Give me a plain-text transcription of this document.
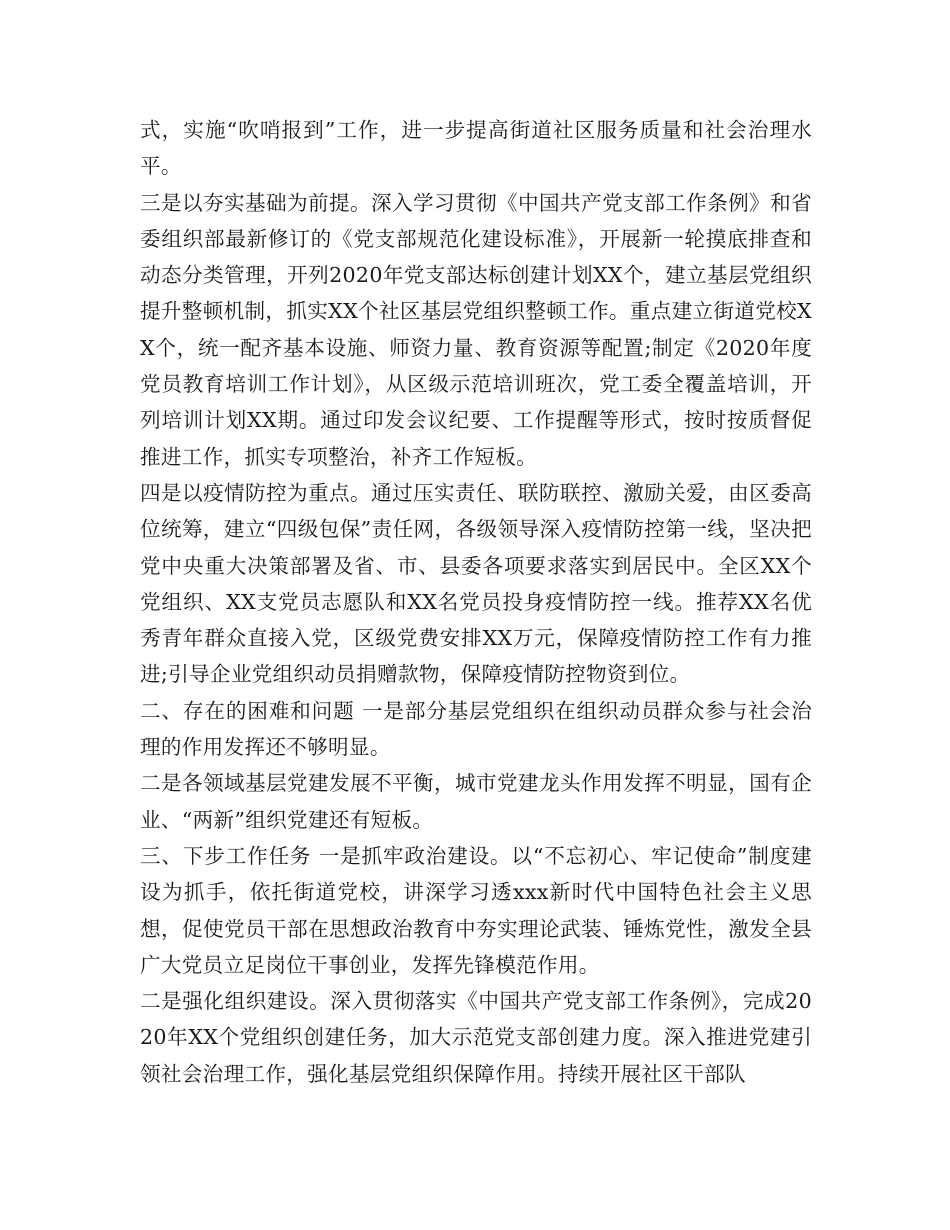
式，实施“吹哨报到”工作，进一步提高街道社区服务质量和社会治理水平。

三是以夯实基础为前提。深入学习贯彻《中国共产党支部工作条例》和省委组织部最新修订的《党支部规范化建设标准》，开展新一轮摸底排查和动态分类管理，开列2020年党支部达标创建计划XX个，建立基层党组织提升整顿机制，抓实XX个社区基层党组织整顿工作。重点建立街道党校XX个，统一配齐基本设施、师资力量、教育资源等配置;制定《2020年度党员教育培训工作计划》，从区级示范培训班次，党工委全覆盖培训，开列培训计划XX期。通过印发会议纪要、工作提醒等形式，按时按质督促推进工作，抓实专项整治，补齐工作短板。

四是以疫情防控为重点。通过压实责任、联防联控、激励关爱，由区委高位统筹，建立“四级包保”责任网，各级领导深入疫情防控第一线，坚决把党中央重大决策部署及省、市、县委各项要求落实到居民中。全区XX个党组织、XX支党员志愿队和XX名党员投身疫情防控一线。推荐XX名优秀青年群众直接入党，区级党费安排XX万元，保障疫情防控工作有力推进;引导企业党组织动员捐赠款物，保障疫情防控物资到位。

二、存在的困难和问题 一是部分基层党组织在组织动员群众参与社会治理的作用发挥还不够明显。

二是各领域基层党建发展不平衡，城市党建龙头作用发挥不明显，国有企业、“两新”组织党建还有短板。

三、下步工作任务 一是抓牢政治建设。以“不忘初心、牢记使命”制度建设为抓手，依托街道党校，讲深学习透xxx新时代中国特色社会主义思想，促使党员干部在思想政治教育中夯实理论武装、锤炼党性，激发全县广大党员立足岗位干事创业，发挥先锋模范作用。

二是强化组织建设。深入贯彻落实《中国共产党支部工作条例》，完成2020年XX个党组织创建任务，加大示范党支部创建力度。深入推进党建引领社会治理工作，强化基层党组织保障作用。持续开展社区干部队
